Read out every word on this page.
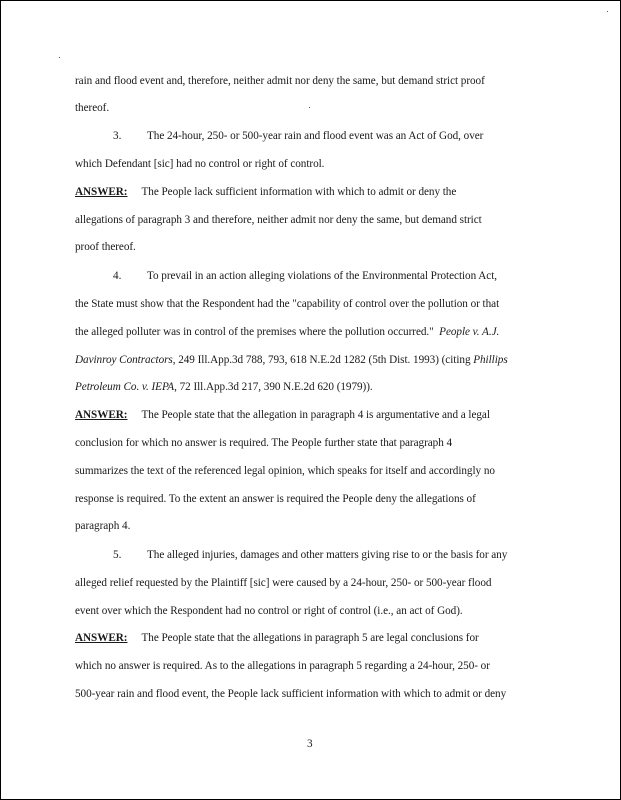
rain and flood event and, therefore, neither admit nor deny the same, but demand strict proof
thereof.
3. The 24-hour, 250- or 500-year rain and flood event was an Act of God, over
which Defendant [sic] had no control or right of control.
ANSWER: The People lack sufficient information with which to admit or deny the
allegations of paragraph 3 and therefore, neither admit nor deny the same, but demand strict
proof thereof.
4. To prevail in an action alleging violations of the Environmental Protection Act,
the State must show that the Respondent had the "capability of control over the pollution or that
the alleged polluter was in control of the premises where the pollution occurred." People v. A.J.
Davinroy Contractors, 249 Ill.App.3d 788, 793, 618 N.E.2d 1282 (5th Dist. 1993) (citing Phillips
Petroleum Co. v. IEPA, 72 Ill.App.3d 217, 390 N.E.2d 620 (1979)).
ANSWER: The People state that the allegation in paragraph 4 is argumentative and a legal
conclusion for which no answer is required. The People further state that paragraph 4
summarizes the text of the referenced legal opinion, which speaks for itself and accordingly no
response is required. To the extent an answer is required the People deny the allegations of
paragraph 4.
5. The alleged injuries, damages and other matters giving rise to or the basis for any
alleged relief requested by the Plaintiff [sic] were caused by a 24-hour, 250- or 500-year flood
event over which the Respondent had no control or right of control (i.e., an act of God).
ANSWER: The People state that the allegations in paragraph 5 are legal conclusions for
which no answer is required. As to the allegations in paragraph 5 regarding a 24-hour, 250- or
500-year rain and flood event, the People lack sufficient information with which to admit or deny
3
